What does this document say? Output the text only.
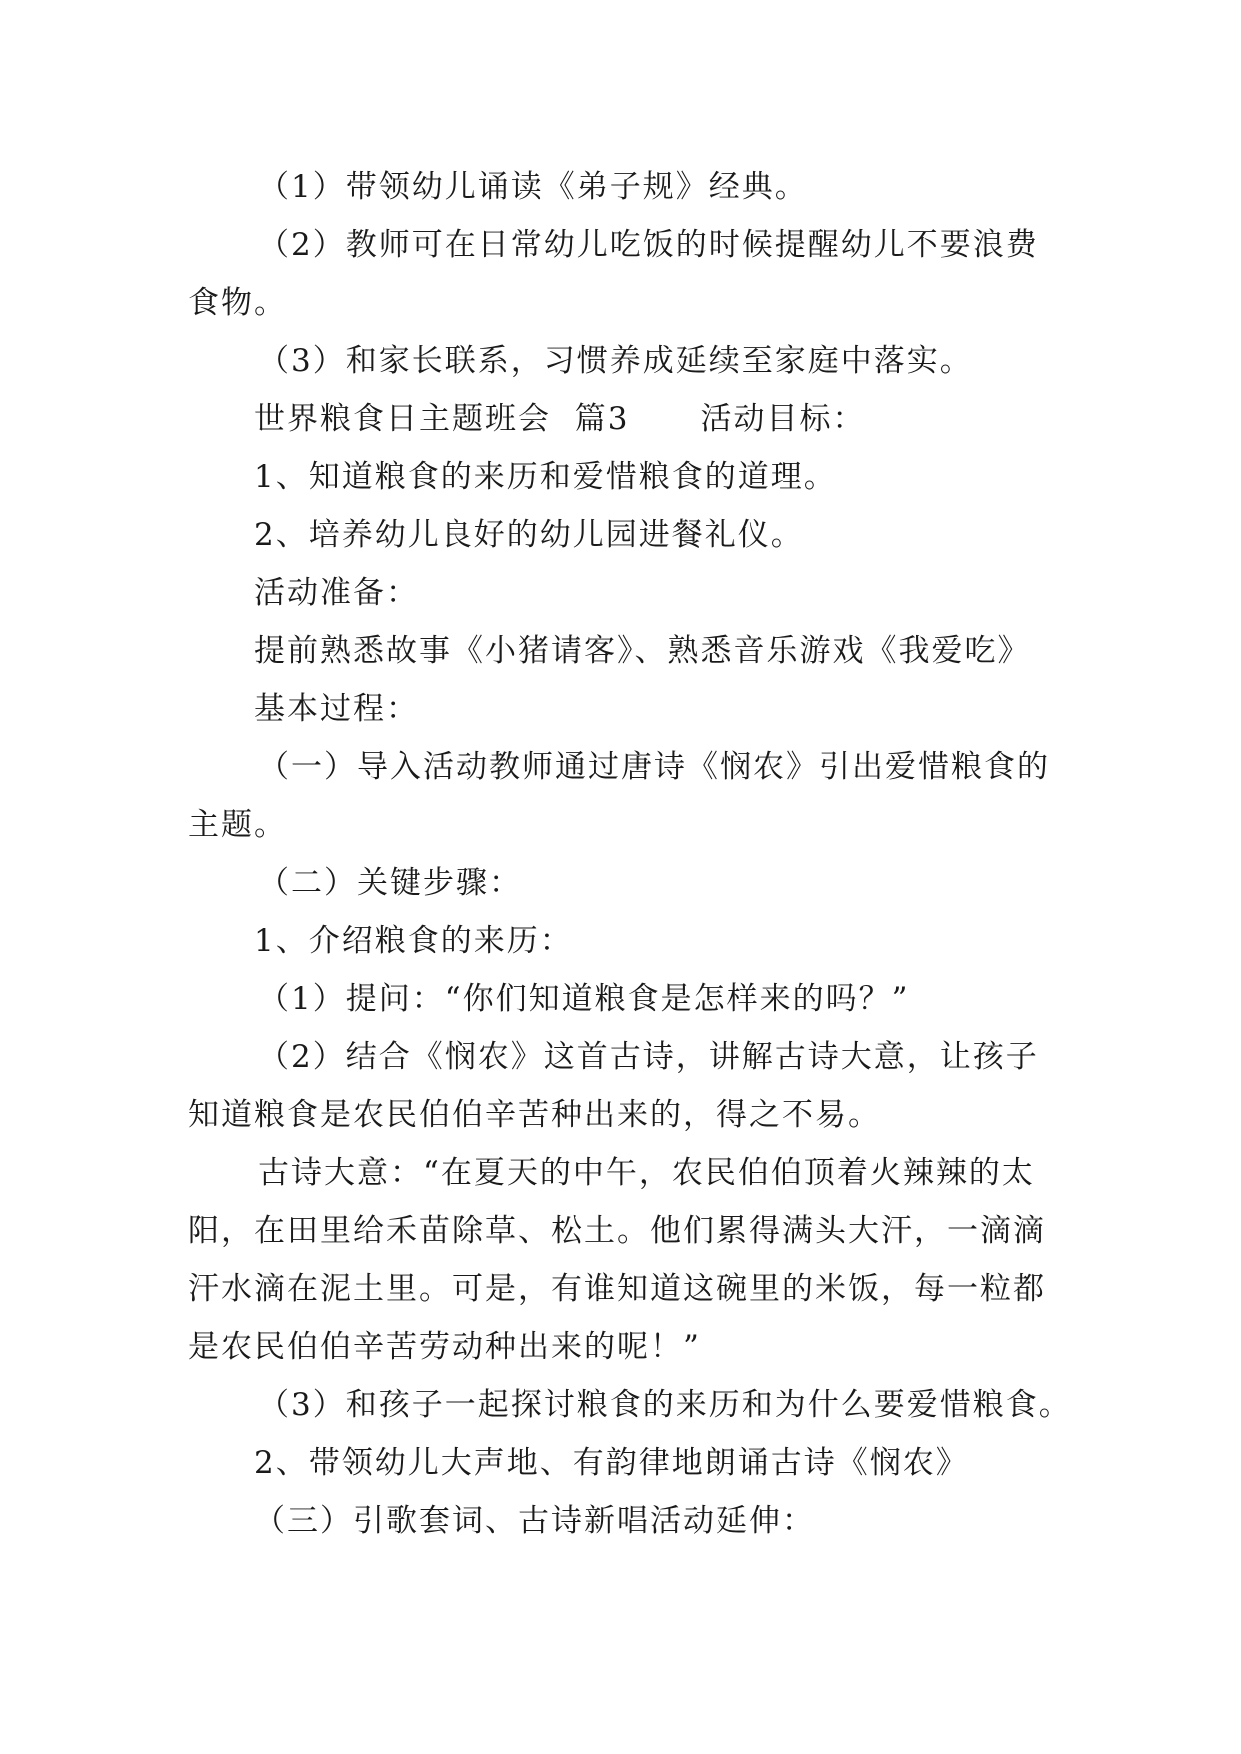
（1）带领幼儿诵读《弟子规》经典。
（2）教师可在日常幼儿吃饭的时候提醒幼儿不要浪费
食物。
（3）和家长联系，习惯养成延续至家庭中落实。
世界粮食日主题班会  篇3      活动目标：
1、知道粮食的来历和爱惜粮食的道理。
2、培养幼儿良好的幼儿园进餐礼仪。
活动准备：
提前熟悉故事《小猪请客》、熟悉音乐游戏《我爱吃》
基本过程：
（一）导入活动教师通过唐诗《悯农》引出爱惜粮食的
主题。
（二）关键步骤：
1、介绍粮食的来历：
（1）提问：“你们知道粮食是怎样来的吗？”
（2）结合《悯农》这首古诗，讲解古诗大意，让孩子
知道粮食是农民伯伯辛苦种出来的，得之不易。
古诗大意：“在夏天的中午，农民伯伯顶着火辣辣的太
阳，在田里给禾苗除草、松土。他们累得满头大汗，一滴滴
汗水滴在泥土里。可是，有谁知道这碗里的米饭，每一粒都
是农民伯伯辛苦劳动种出来的呢！”
（3）和孩子一起探讨粮食的来历和为什么要爱惜粮食。
2、带领幼儿大声地、有韵律地朗诵古诗《悯农》
（三）引歌套词、古诗新唱活动延伸：
